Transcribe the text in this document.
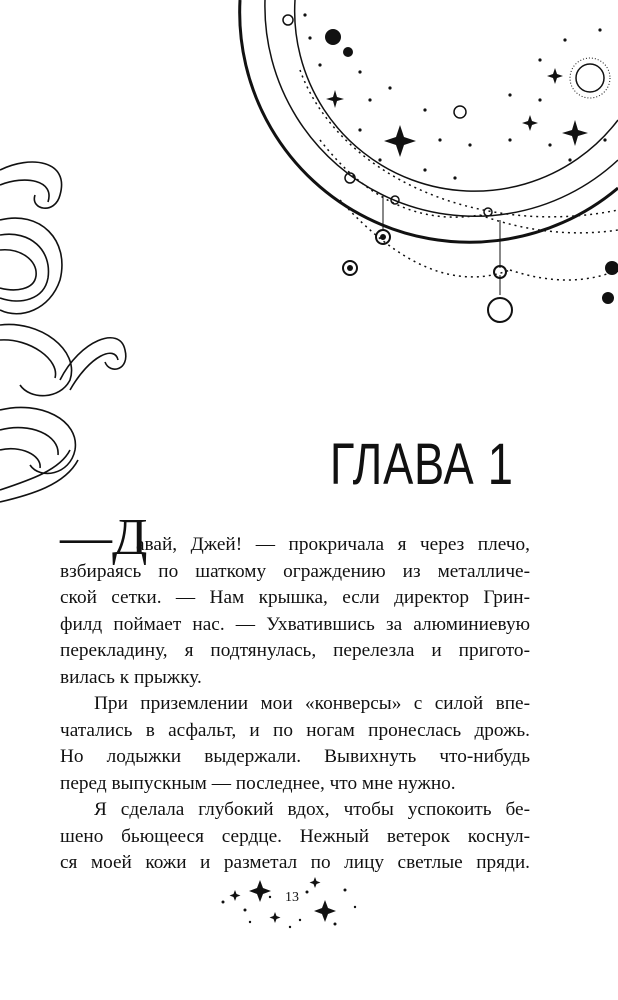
ГЛАВА 1

—Д
авай, Джей! — прокричала я через плечо,
взбираясь по шаткому ограждению из металличе-
ской сетки. — Нам крышка, если директор Грин-
филд поймает нас. — Ухватившись за алюминиевую
перекладину, я подтянулась, перелезла и пригото-
вилась к прыжку.

При приземлении мои «конверсы» с силой впе-
чатались в асфальт, и по ногам пронеслась дрожь.
Но лодыжки выдержали. Вывихнуть что-нибудь
перед выпускным — последнее, что мне нужно.

Я сделала глубокий вдох, чтобы успокоить бе-
шено бьющееся сердце. Нежный ветерок коснул-
ся моей кожи и разметал по лицу светлые пряди.

13
